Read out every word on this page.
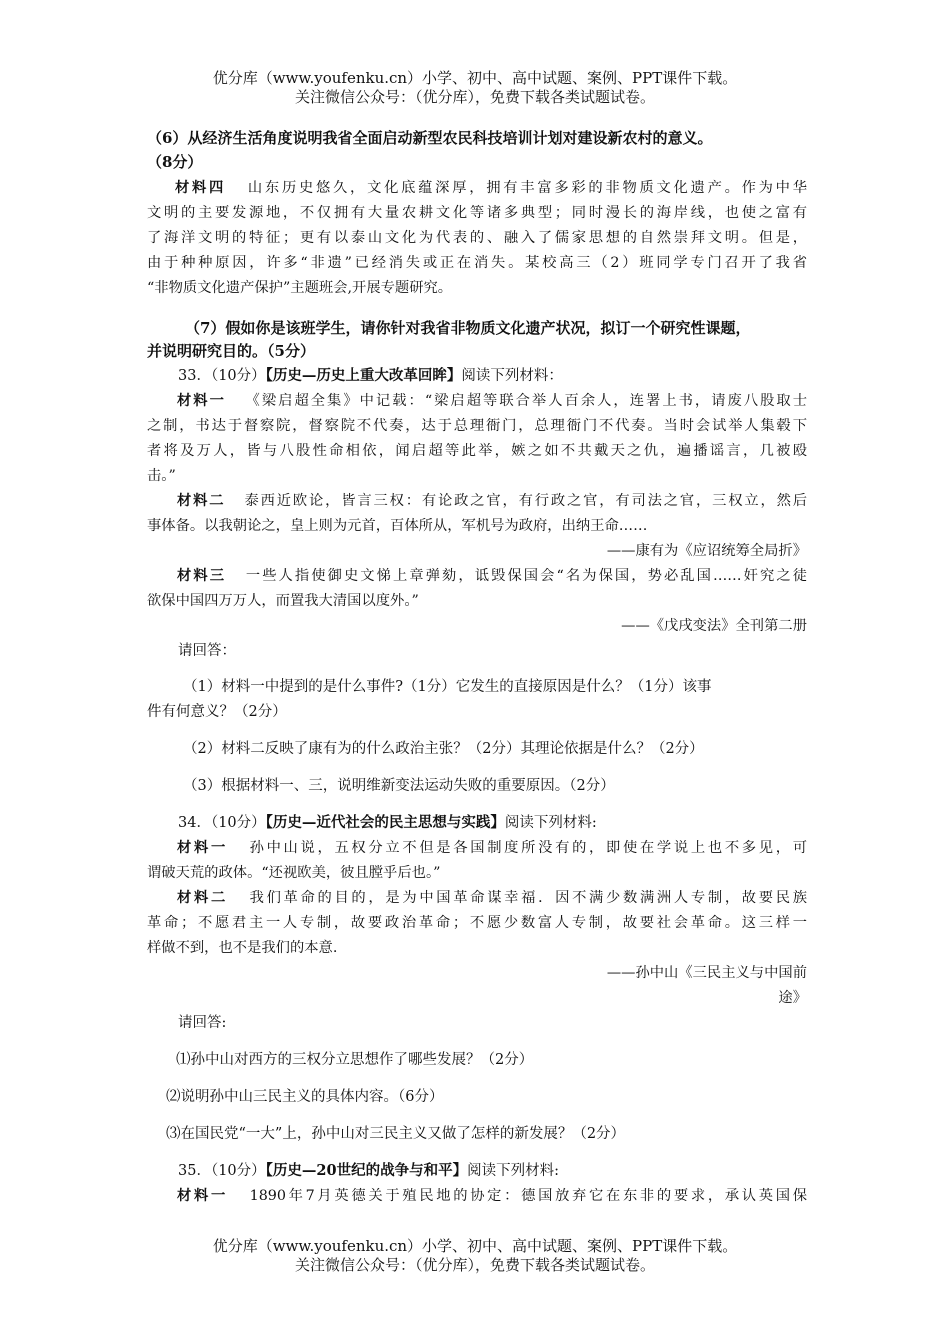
优分库（www.youfenku.cn）小学、初中、高中试题、案例、PPT课件下载。
关注微信公众号：（优分库），免费下载各类试题试卷。
（6）从经济生活角度说明我省全面启动新型农民科技培训计划对建设新农村的意义。
（8分）
材料四 山东历史悠久，文化底蕴深厚，拥有丰富多彩的非物质文化遗产。作为中华
文明的主要发源地，不仅拥有大量农耕文化等诸多典型；同时漫长的海岸线，也使之富有
了海洋文明的特征；更有以泰山文化为代表的、融入了儒家思想的自然崇拜文明。但是，
由于种种原因，许多“非遗”已经消失或正在消失。某校高三（2）班同学专门召开了我省
“非物质文化遗产保护”主题班会,开展专题研究。
（7）假如你是该班学生，请你针对我省非物质文化遗产状况，拟订一个研究性课题，
并说明研究目的。（5分）
33．（10分）【历史—历史上重大改革回眸】阅读下列材料：
材料一 《梁启超全集》中记载：“梁启超等联合举人百余人，连署上书，请废八股取士
之制，书达于督察院，督察院不代奏，达于总理衙门，总理衙门不代奏。当时会试举人集毂下
者将及万人，皆与八股性命相依，闻启超等此举，嫉之如不共戴天之仇，遍播谣言，几被殴
击。”
材料二 泰西近欧论，皆言三权：有论政之官，有行政之官，有司法之官，三权立，然后
事体备。以我朝论之，皇上则为元首，百体所从，军机号为政府，出纳王命……
——康有为《应诏统筹全局折》
材料三 一些人指使御史文悌上章弹劾，诋毁保国会“名为保国，势必乱国……奸究之徒
欲保中国四万万人，而置我大清国以度外。”
——《戊戌变法》全刊第二册
请回答：
（1）材料一中提到的是什么事件?（1分）它发生的直接原因是什么？（1分）该事
件有何意义？（2分）
（2）材料二反映了康有为的什么政治主张？（2分）其理论依据是什么？（2分）
（3）根据材料一、三，说明维新变法运动失败的重要原因。（2分）
34．（10分）【历史—近代社会的民主思想与实践】阅读下列材料:
材料一 孙中山说，五权分立不但是各国制度所没有的，即使在学说上也不多见，可
谓破天荒的政体。“还视欧美，彼且膛乎后也。”
材料二 我们革命的目的，是为中国革命谋幸福．因不满少数满洲人专制，故要民族
革命；不愿君主一人专制，故要政治革命；不愿少数富人专制，故要社会革命。这三样一
样做不到，也不是我们的本意.
——孙中山《三民主义与中国前
途》
请回答:
⑴孙中山对西方的三权分立思想作了哪些发展？（2分）
⑵说明孙中山三民主义的具体内容。（6分）
⑶在国民党“一大”上，孙中山对三民主义又做了怎样的新发展？（2分）
35．（10分）【历史—20世纪的战争与和平】阅读下列材料:
材料一 1890年7月英德关于殖民地的协定：德国放弃它在东非的要求，承认英国保
优分库（www.youfenku.cn）小学、初中、高中试题、案例、PPT课件下载。
关注微信公众号：（优分库），免费下载各类试题试卷。
